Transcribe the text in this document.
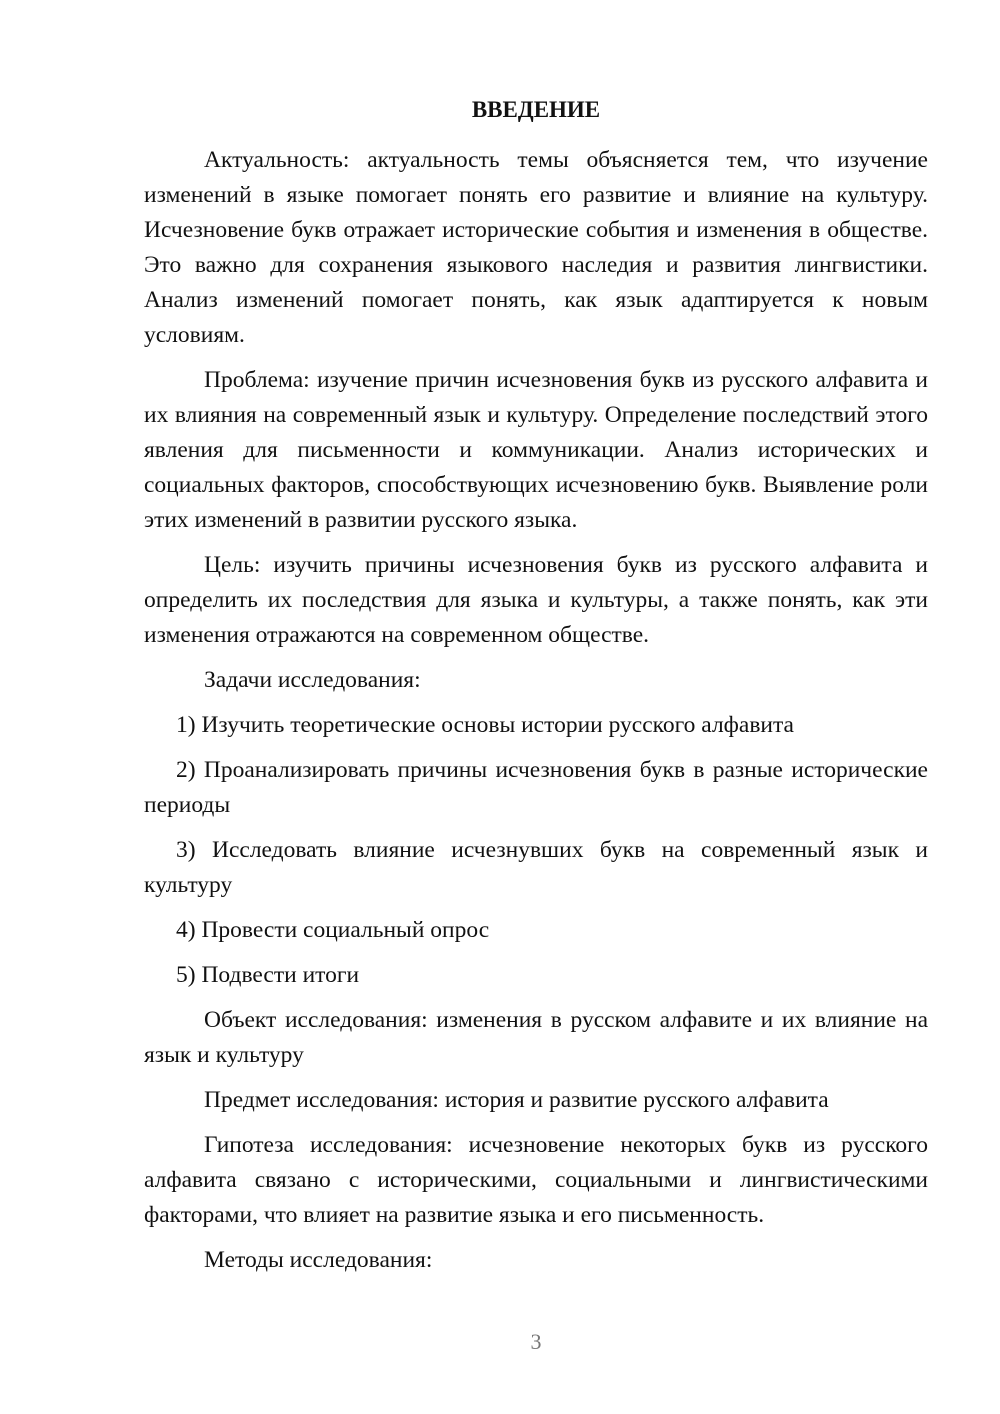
ВВЕДЕНИЕ

Актуальность: актуальность темы объясняется тем, что изучение изменений в языке помогает понять его развитие и влияние на культуру. Исчезновение букв отражает исторические события и изменения в обществе. Это важно для сохранения языкового наследия и развития лингвистики. Анализ изменений помогает понять, как язык адаптируется к новым условиям.

Проблема: изучение причин исчезновения букв из русского алфавита и их влияния на современный язык и культуру. Определение последствий этого явления для письменности и коммуникации. Анализ исторических и социальных факторов, способствующих исчезновению букв. Выявление роли этих изменений в развитии русского языка.

Цель: изучить причины исчезновения букв из русского алфавита и определить их последствия для языка и культуры, а также понять, как эти изменения отражаются на современном обществе.

Задачи исследования:

1) Изучить теоретические основы истории русского алфавита

2) Проанализировать причины исчезновения букв в разные исторические периоды

3) Исследовать влияние исчезнувших букв на современный язык и культуру

4) Провести социальный опрос

5) Подвести итоги

Объект исследования: изменения в русском алфавите и их влияние на язык и культуру

Предмет исследования: история и развитие русского алфавита

Гипотеза исследования: исчезновение некоторых букв из русского алфавита связано с историческими, социальными и лингвистическими факторами, что влияет на развитие языка и его письменность.

Методы исследования:

3
